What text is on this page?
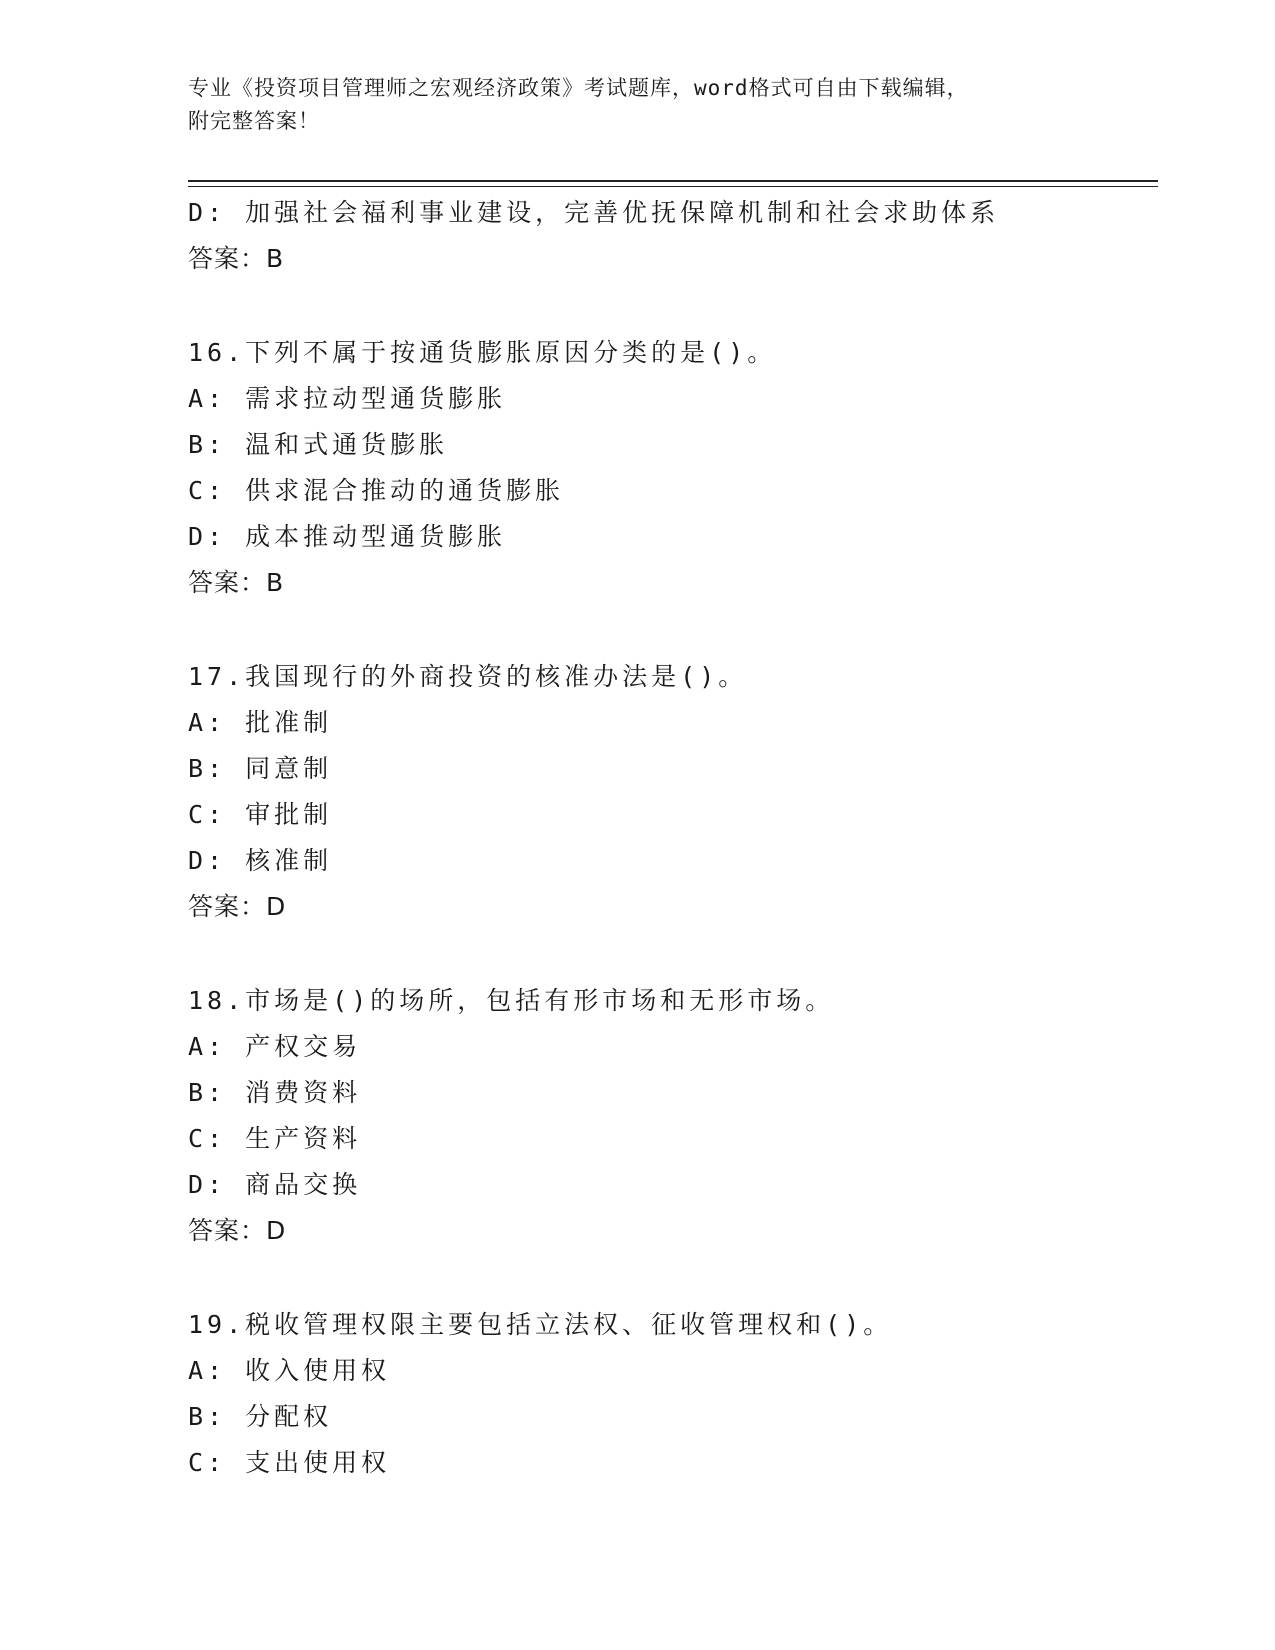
专业《投资项目管理师之宏观经济政策》考试题库，word格式可自由下载编辑，
附完整答案！
D: 加强社会福利事业建设，完善优抚保障机制和社会求助体系
答案：B
16.下列不属于按通货膨胀原因分类的是()。
A: 需求拉动型通货膨胀
B: 温和式通货膨胀
C: 供求混合推动的通货膨胀
D: 成本推动型通货膨胀
答案：B
17.我国现行的外商投资的核准办法是()。
A: 批准制
B: 同意制
C: 审批制
D: 核准制
答案：D
18.市场是()的场所，包括有形市场和无形市场。
A: 产权交易
B: 消费资料
C: 生产资料
D: 商品交换
答案：D
19.税收管理权限主要包括立法权、征收管理权和()。
A: 收入使用权
B: 分配权
C: 支出使用权
